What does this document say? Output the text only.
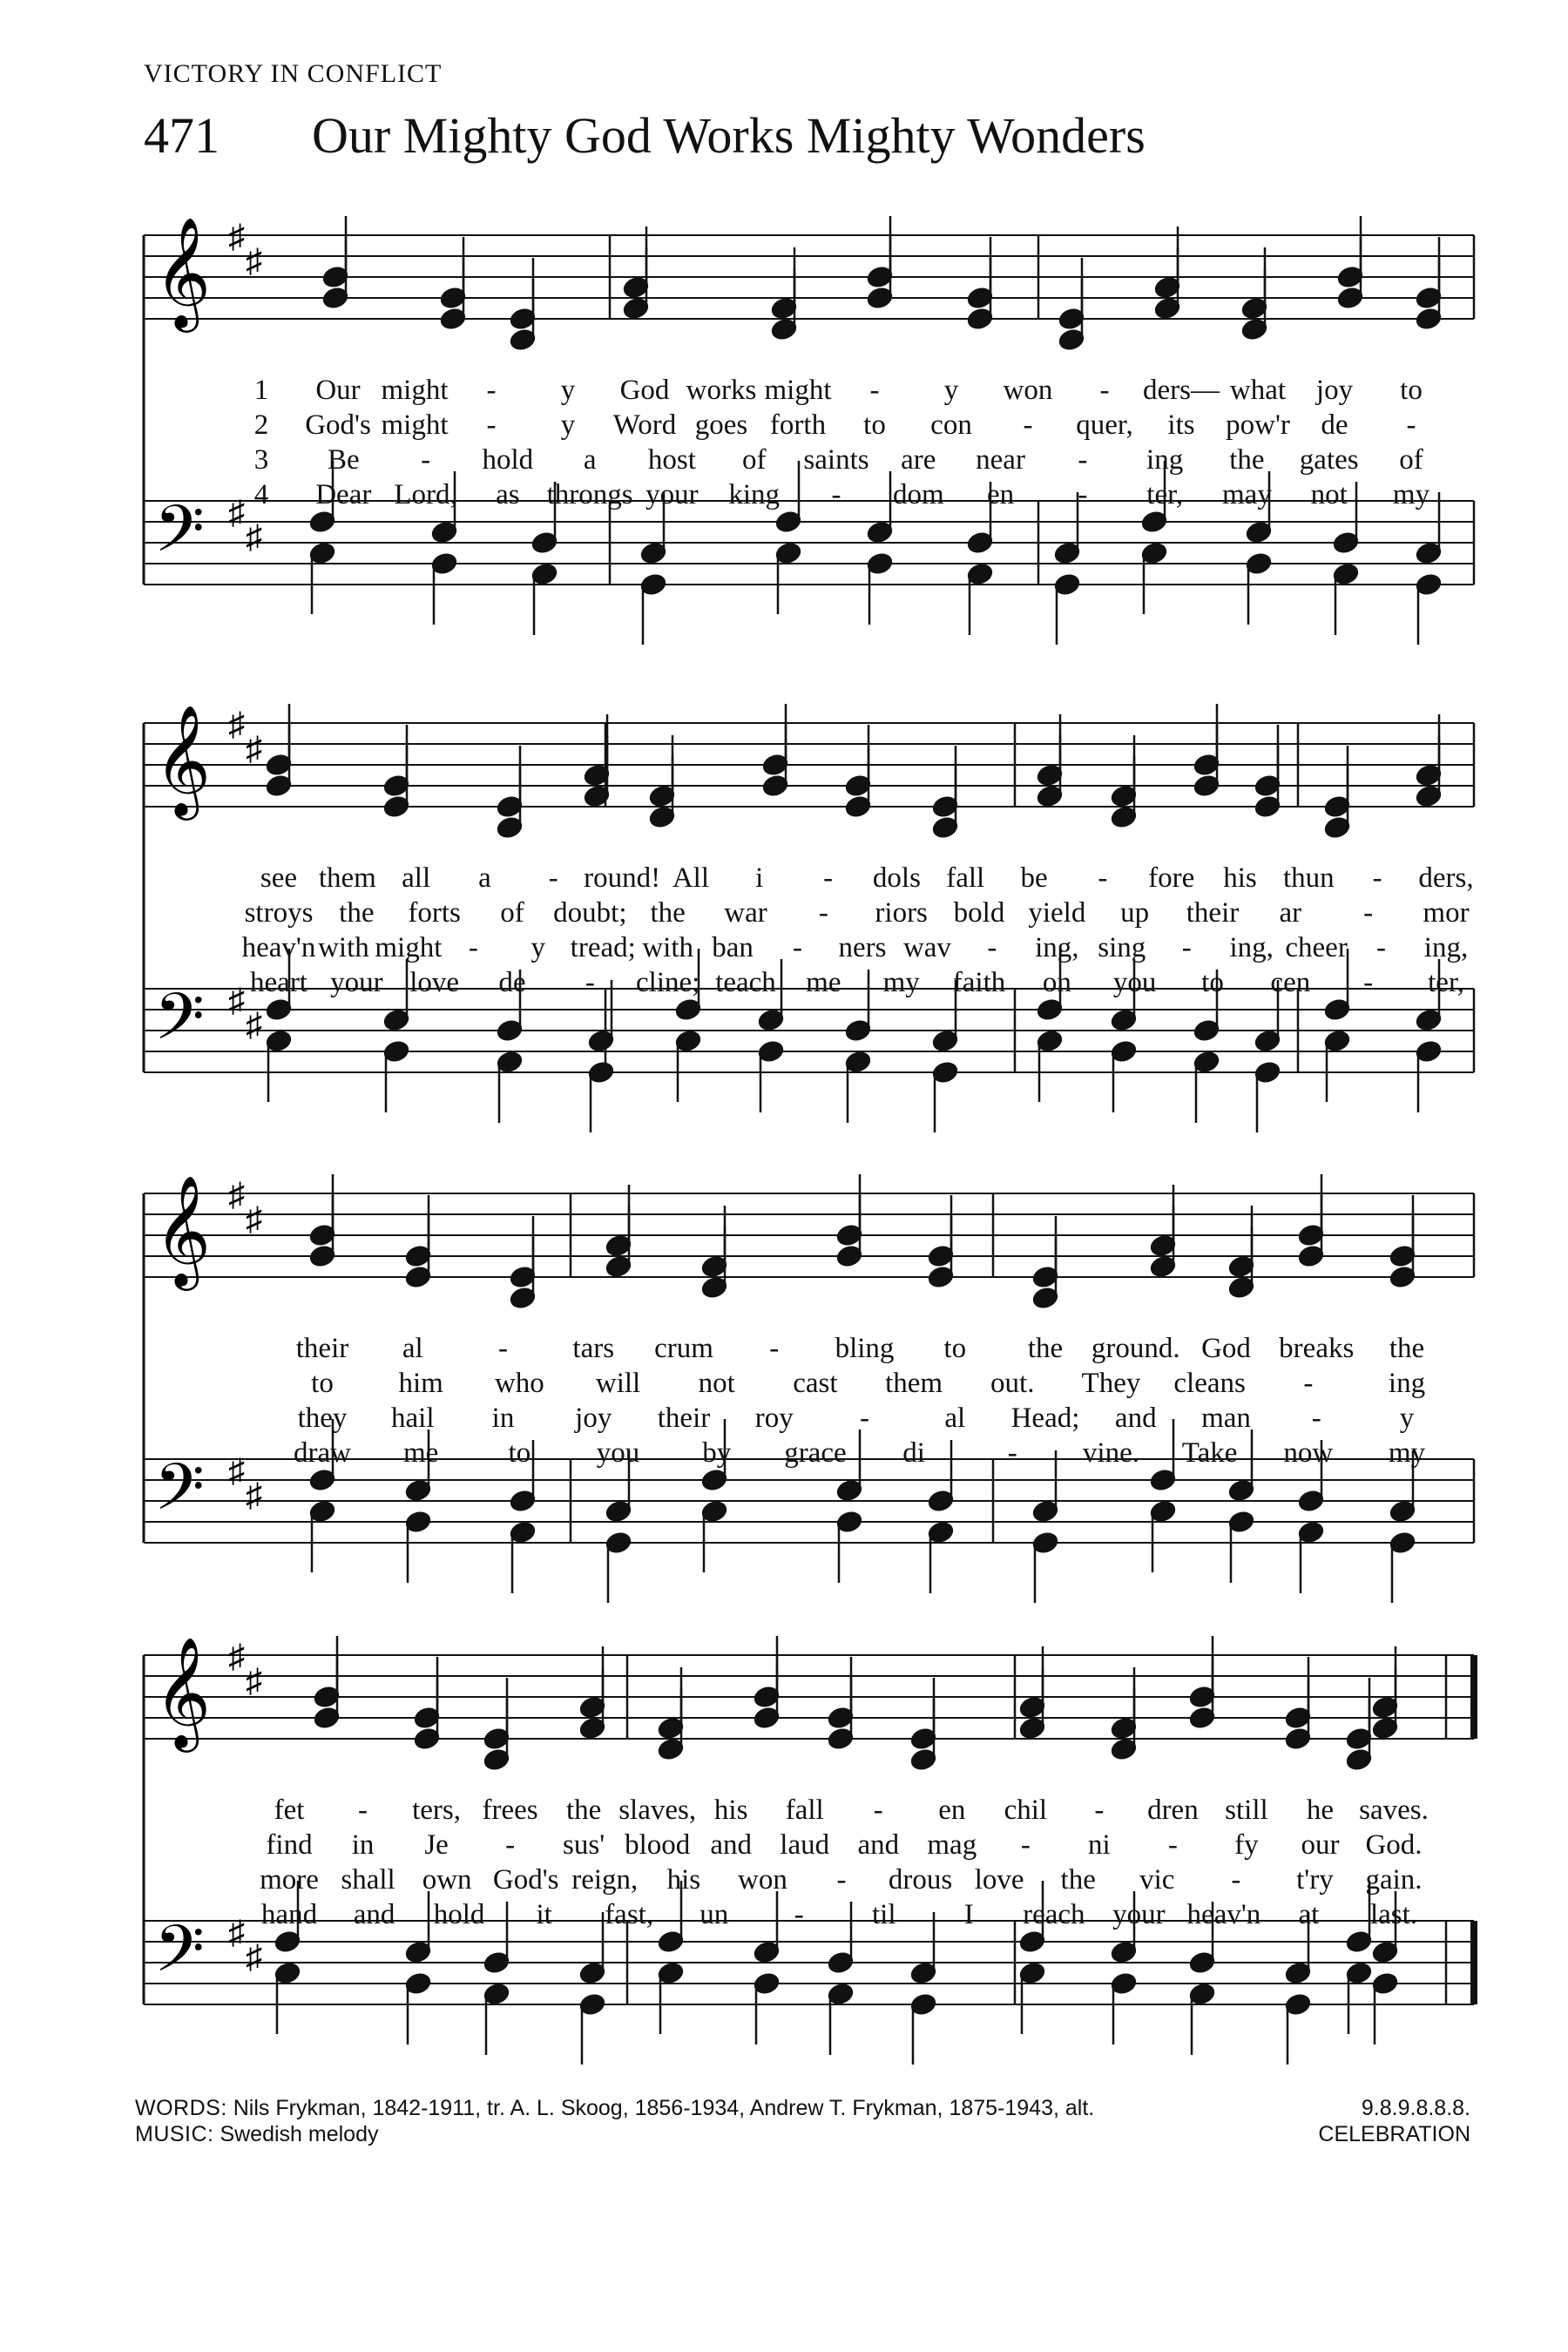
VICTORY IN CONFLICT
471 Our Mighty God Works Mighty Wonders
𝄞
𝄢
♯
♯
♯
♯
𝄞
𝄢
♯
♯
♯
♯
𝄞
𝄢
♯
♯
♯
♯
𝄞
𝄢
♯
♯
♯
♯
WORDS: Nils Frykman, 1842-1911, tr. A. L. Skoog, 1856-1934, Andrew T. Frykman, 1875-1943, alt.
MUSIC: Swedish melody
9.8.9.8.8.8.
CELEBRATION
1 Our might - y God works might - y won - ders— what joy to
2 God's might - y Word goes forth to con - quer, its pow'r de -
3 Be - hold a host of saints are near - ing the gates of
4 Dear Lord, as throngs your king - dom en - ter, may not my
see them all a - round! All i - dols fall be - fore his thun - ders,
stroys the forts of doubt; the war - riors bold yield up their ar - mor
heav'n with might - y tread; with ban - ners wav - ing, sing - ing, cheer - ing,
heart your love de - cline; teach me my faith on you to cen - ter,
their al	- tars crum - bling to the ground. God breaks the
to him who will not cast them out. They cleans -	ing
they hail in joy their roy -	al Head; and man -	y
draw me to you by grace di	- vine. Take now my
fet - ters, frees the slaves, his fall - en chil - dren still he saves.
find in Je - sus' blood and laud and mag - ni - fy our God.
more shall own God's reign, his won - drous love the vic - t'ry gain.
hand and hold it fast, un - til I reach your heav'n at last.
